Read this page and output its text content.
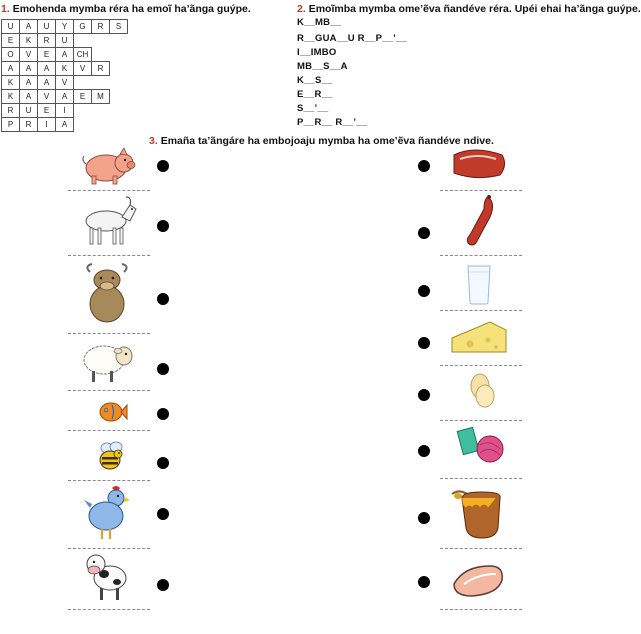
1. Emohenda mymba réra ha emoĩ ha’ãnga guýpe.	2. Emoĩmba mymba ome’ẽva ñandéve réra. Upéi ehai ha’ãnga guýpe.
3. Emaña ta’ãngáre ha embojoaju mymba ha ome’ẽva ñandéve ndive.
U	A	U	Y	G	R	S
E	K	R	U			
O	V	E	A	CH		
A	A	A	K	V	R	
K	A	A	V			
K	A	V	A	E	M	
R	U	E	I			
P	R	I	A			
K__MB__
R__GUA__U R__P__’__
I__IMBO
MB__S__A
K__S__
E__R__
S__’__
P__R__ R__’__
